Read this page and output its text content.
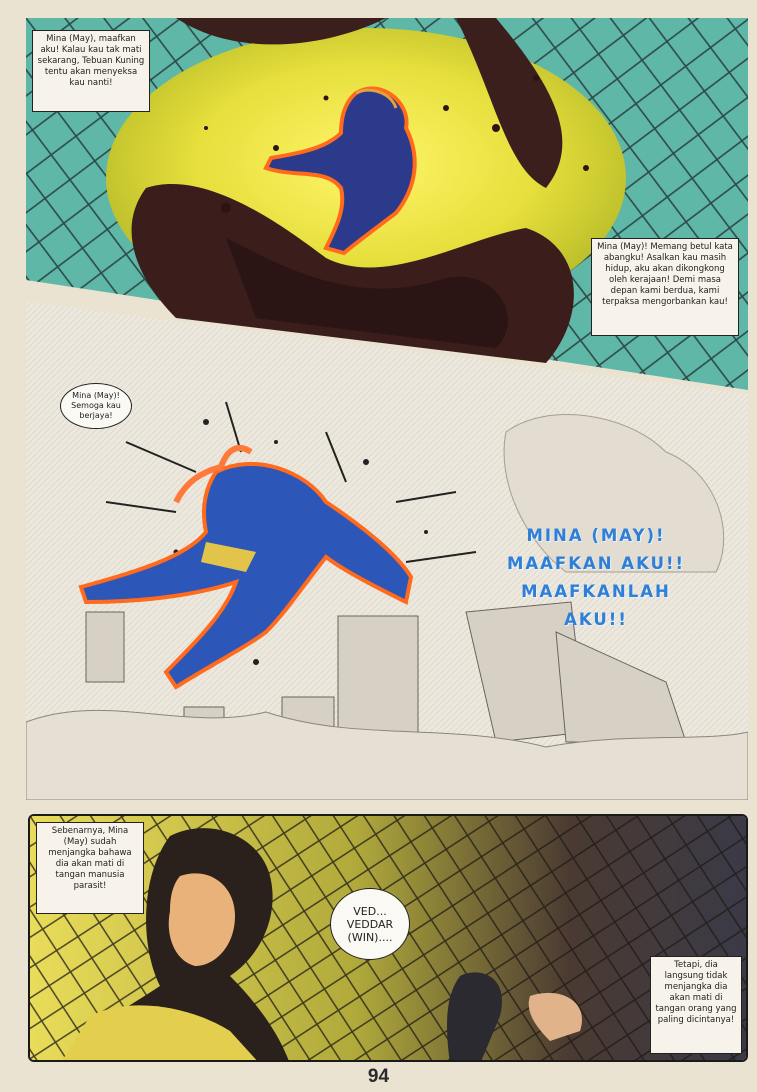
Mina (May), maafkan aku! Kalau kau tak mati sekarang, Tebuan Kuning tentu akan menyeksa kau nanti!
Mina (May)! Memang betul kata abangku! Asalkan kau masih hidup, aku akan dikongkong oleh kerajaan! Demi masa depan kami berdua, kami terpaksa mengorbankan kau!
Mina (May)! Semoga kau berjaya!
MINA (MAY)!
MAAFKAN AKU!!
MAAFKANLAH
AKU!!
Sebenarnya, Mina (May) sudah menjangka bahawa dia akan mati di tangan manusia parasit!
VED... VEDDAR (WIN)....
Tetapi, dia langsung tidak menjangka dia akan mati di tangan orang yang paling dicintanya!
94
